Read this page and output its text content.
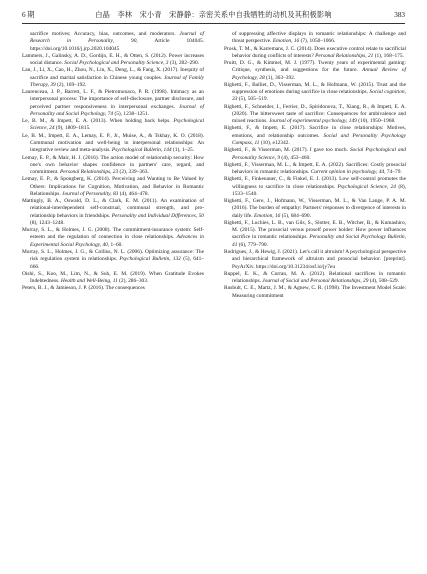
6 期	白晶　李林　宋小青　宋静静：亲密关系中自我牺牲的动机及其积极影响	383

sacrifice motives; Accuracy, bias, outcomes, and moderators. Journal of Research in Personality, 90, Article 104045. https://doi.org/10.1016/j.jrp.2020.104045

Lammers, J., Galinsky, A. D., Gordijn, E. H., & Otten, S. (2012). Power increases social distance. Social Psychological and Personality Science, 3 (3), 282–290.

Lan, J., Li, X., Cao, H., Zhou, N., Lin, X., Deng, L., & Fang, X. (2017). Inequity of sacrifice and marital satisfaction in Chinese young couples. Journal of Family Therapy, 39 (2), 169–192.

Laurenceau, J. P., Barrett, L. F., & Pietromonaco, P. R. (1998). Intimacy as an interpersonal process: The importance of self-disclosure, partner disclosure, and perceived partner responsiveness in interpersonal exchanges. Journal of Personality and Social Psychology, 74 (5), 1238–1251.

Le, B. M., & Impett, E. A. (2013). When holding back helps. Psychological Science, 24 (9), 1809–1815.

Le, B. M., Impett, E. A., Lemay, E. P., Jr., Muise, A., & Tskhay, K. O. (2018). Communal motivation and well-being in interpersonal relationships: An integrative review and meta-analysis. Psychological Bulletin, 144 (1), 1–25.

Lemay, E. P., & Mair, H. J. (2016). The action model of relationship security: How one's own behavior shapes confidence in partners' care, regard, and commitment. Personal Relationships, 23 (2), 339–363.

Lemay, E. P., & Spongberg, K. (2014). Perceiving and Wanting to Be Valued by Others: Implications for Cognition, Motivation, and Behavior in Romantic Relationships. Journal of Personality, 83 (4), 464–478.

Mattingly, B. A., Oswald, D. L., & Clark, E. M. (2011). An examination of relational-interdependent self-construal, communal strength, and pro-relationship behaviors in friendships. Personality and Individual Differences, 50 (8), 1243–1248.

Murray, S. L., & Holmes, J. G. (2008). The commitment-insurance system: Self-esteem and the regulation of connection in close relationships. Advances in Experimental Social Psychology, 40, 1–60.

Murray, S. L., Holmes, J. G., & Collins, N. L. (2006). Optimizing assurance: The risk regulation system in relationships. Psychological Bulletin, 132 (5), 641–666.

Oishi, S., Koo, M., Lim, N., & Suh, E. M. (2019). When Gratitude Evokes Indebtedness. Health and Well-Being, 11 (2), 286–303.

Peters, B. J., & Jamieson, J. P. (2016). The consequences

of suppressing affective displays in romantic relationships: A challenge and threat perspective. Emotion, 16 (7), 1050–1066.

Prosk, T. M., & Karremans, J. C. (2014). Does executive control relate to sacrificial behavior during conflicts of interests? Personal Relationships, 21 (1), 168–175.

Pruitt, D. G., & Kimmel, M. J. (1977). Twenty years of experimental gaming: Critique, synthesis, and suggestions for the future. Annual Review of Psychology, 28 (1), 363–392.

Righetti, F., Balliet, D., Visserman, M. L., & Hofmann, W. (2015). Trust and the suppression of emotions during sacrifice in close relationships. Social cognition, 33 (5), 505–519.

Righetti, F., Schneider, I., Ferrier, D., Spiridonova, T., Xiang, R., & Impett, E. A. (2020). The bittersweet taste of sacrifice: Consequences for ambivalence and mixed reactions. Journal of experimental psychology, 149 (10), 1950–1968.

Righetti, F., & Impett, E. (2017). Sacrifice in close relationships: Motives, emotions, and relationship outcomes. Social and Personality Psychology Compass, 11 (10), e12342.

Righetti, F., & Visserman, M. (2017). I gave too much. Social Psychological and Personality Science, 9 (4), 453–460.

Righetti, F., Visserman, M. L., & Impett, E. A. (2022). Sacrifices: Costly prosocial behaviors in romantic relationships. Current opinion in psychology, 44, 74–79.

Righetti, F., Finkenauer, C., & Finkel, E. J. (2013). Low self-control promotes the willingness to sacrifice in close relationships. Psychological Science, 24 (8), 1533–1540.

Righetti, F., Gere, J., Hofmann, W., Visserman, M. L., & Van Lange, P. A. M. (2016). The burden of empathy: Partners' responses to divergence of interests in daily life. Emotion, 16 (5), 684–690.

Righetti, F., Luchies, L. B., van Gils, S., Slotter, E. B., Witcher, B., & Kumashiro, M. (2015). The prosocial versus proself power holder: How power influences sacrifice in romantic relationships. Personality and Social Psychology Bulletin, 41 (6), 779–790.

Rodrigues, J., & Hewig, J. (2021). Let's call it altruism! A psychological perspective and hierarchical framework of altruism and prosocial behavior. [preprint]. PsyArXiv. https://doi.org/10.31234/osf.io/jy7eu

Ruppel, E. K., & Curran, M. A. (2012). Relational sacrifices in romantic relationships. Journal of Social and Personal Relationships, 29 (4), 508–529.

Rusbult, C. E., Martz, J. M., & Agnew, C. R. (1998). The Investment Model Scale: Measuring commitment
